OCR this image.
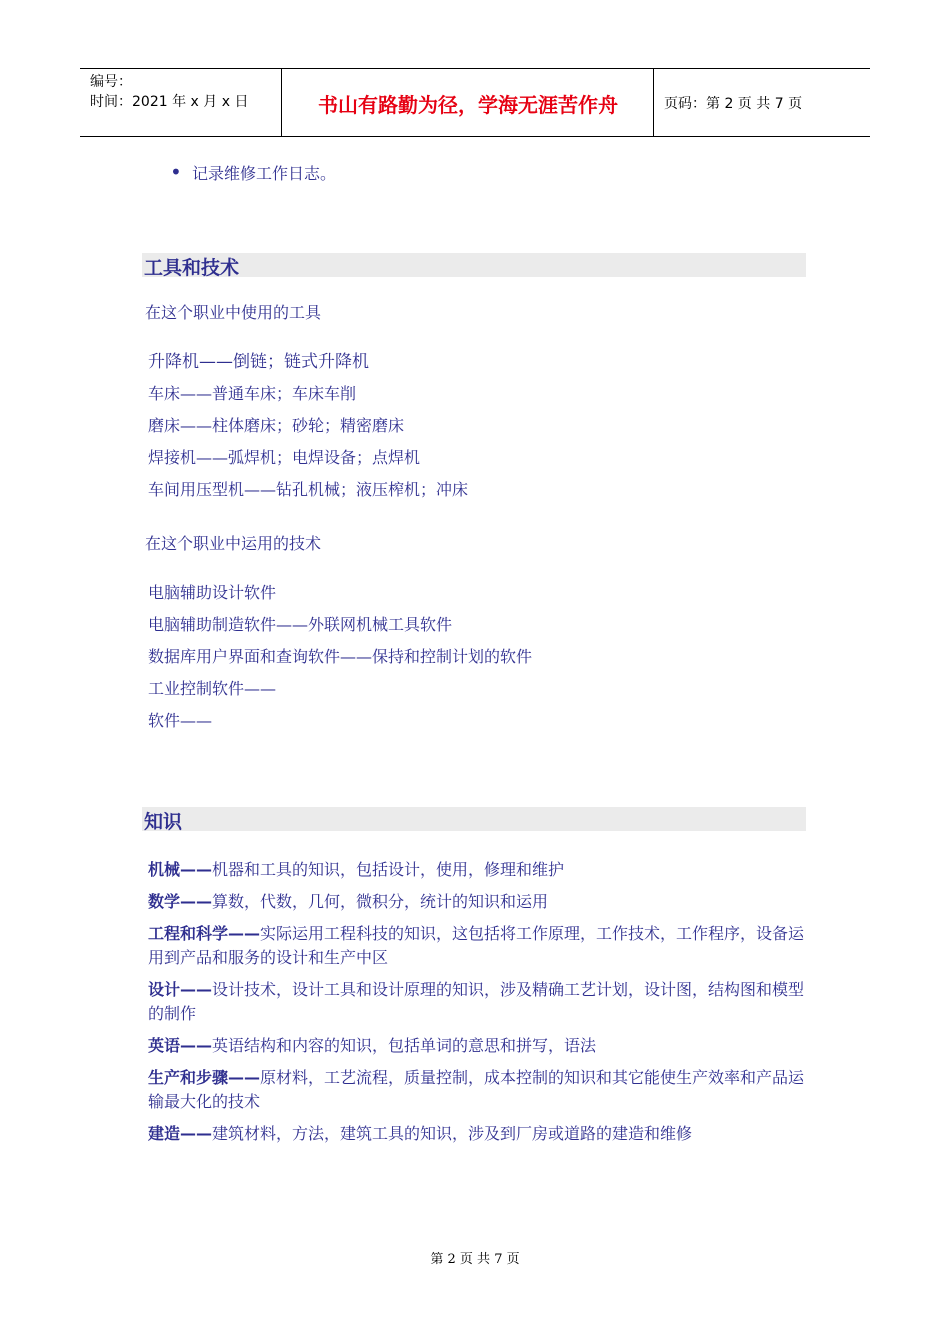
编号：
时间：2021 年 x 月 x 日	书山有路勤为径，学海无涯苦作舟	页码：第 2 页 共 7 页
• 记录维修工作日志。
工具和技术
在这个职业中使用的工具
升降机——倒链；链式升降机
车床——普通车床；车床车削
磨床——柱体磨床；砂轮；精密磨床
焊接机——弧焊机；电焊设备；点焊机
车间用压型机——钻孔机械；液压榨机；冲床
在这个职业中运用的技术
电脑辅助设计软件
电脑辅助制造软件——外联网机械工具软件
数据库用户界面和查询软件——保持和控制计划的软件
工业控制软件——
软件——
知识
机械——机器和工具的知识，包括设计，使用，修理和维护
数学——算数，代数，几何，微积分，统计的知识和运用
工程和科学——实际运用工程科技的知识，这包括将工作原理，工作技术，工作程序，设备运用到产品和服务的设计和生产中区
设计——设计技术，设计工具和设计原理的知识，涉及精确工艺计划，设计图，结构图和模型的制作
英语——英语结构和内容的知识，包括单词的意思和拼写，语法
生产和步骤——原材料，工艺流程，质量控制，成本控制的知识和其它能使生产效率和产品运输最大化的技术
建造——建筑材料，方法，建筑工具的知识，涉及到厂房或道路的建造和维修
第 2 页 共 7 页
